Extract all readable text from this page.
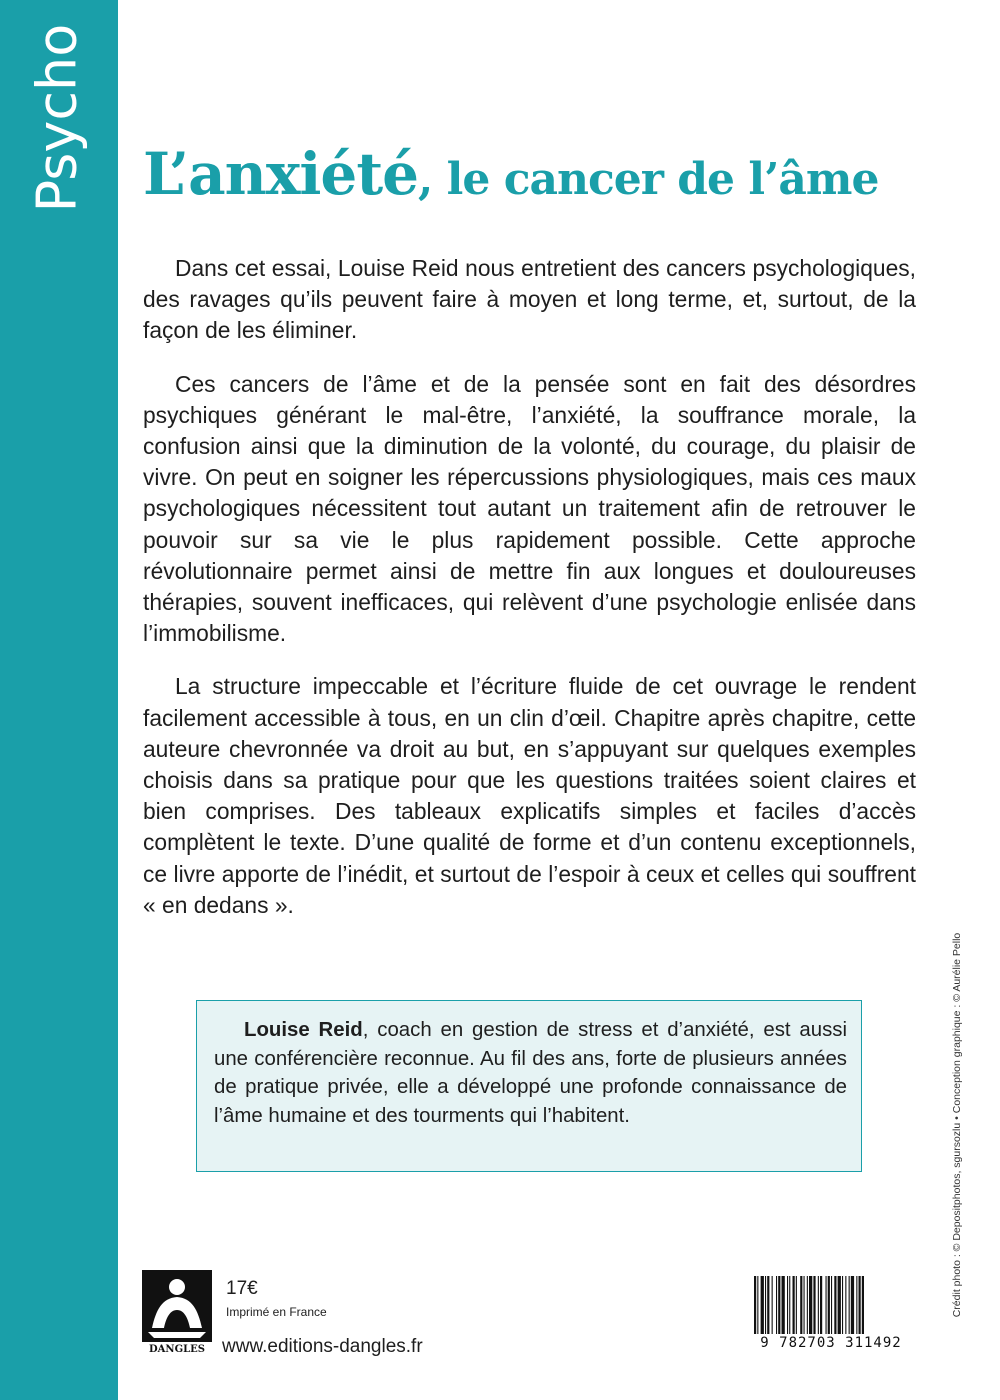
Psycho L’anxiété, le cancer de l’âme

Dans cet essai, Louise Reid nous entretient des cancers psychologiques, des ravages qu’ils peuvent faire à moyen et long terme, et, surtout, de la façon de les éliminer.

Ces cancers de l’âme et de la pensée sont en fait des désordres psychiques générant le mal-être, l’anxiété, la souffrance morale, la confusion ainsi que la diminution de la volonté, du courage, du plaisir de vivre. On peut en soigner les répercussions physiologiques, mais ces maux psychologiques nécessitent tout autant un traitement afin de retrouver le pouvoir sur sa vie le plus rapidement possible. Cette approche révolutionnaire permet ainsi de mettre fin aux longues et douloureuses thérapies, souvent inefficaces, qui relèvent d’une psychologie enlisée dans l’immobilisme.

La structure impeccable et l’écriture fluide de cet ouvrage le rendent facilement accessible à tous, en un clin d’œil. Chapitre après chapitre, cette auteure chevronnée va droit au but, en s’appuyant sur quelques exemples choisis dans sa pratique pour que les questions traitées soient claires et bien comprises. Des tableaux explicatifs simples et faciles d’accès complètent le texte. D’une qualité de forme et d’un contenu exceptionnels, ce livre apporte de l’inédit, et surtout de l’espoir à ceux et celles qui souffrent « en dedans ».

Louise Reid, coach en gestion de stress et d’anxiété, est aussi une conférencière reconnue. Au fil des ans, forte de plusieurs années de pratique privée, elle a développé une profonde connaissance de l’âme humaine et des tourments qui l’habitent.	Crédit photo : © Depositphotos, sgursozlu • Conception graphique : © Aurélie Pello
DANGLES
17€
Imprimé en France
www.editions-dangles.fr	9 782703 311492
